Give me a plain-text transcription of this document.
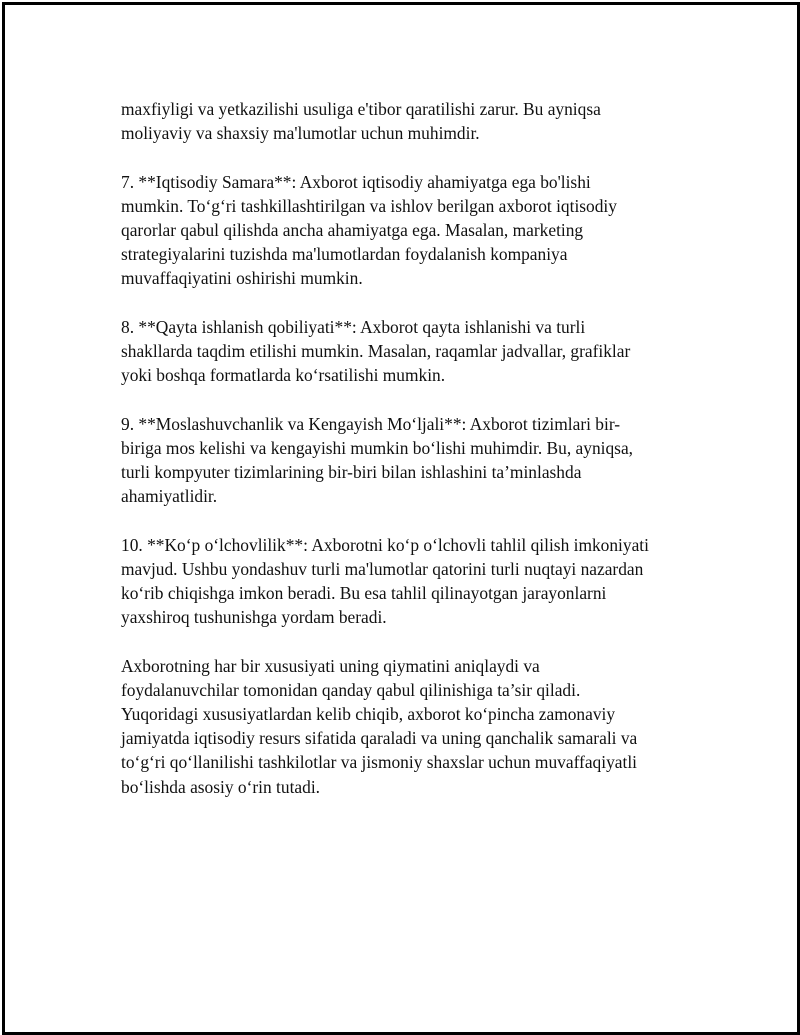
maxfiyligi va yetkazilishi usuliga e'tibor qaratilishi zarur. Bu ayniqsa
moliyaviy va shaxsiy ma'lumotlar uchun muhimdir.

7. **Iqtisodiy Samara**: Axborot iqtisodiy ahamiyatga ega bo'lishi
mumkin. To‘g‘ri tashkillashtirilgan va ishlov berilgan axborot iqtisodiy
qarorlar qabul qilishda ancha ahamiyatga ega. Masalan, marketing
strategiyalarini tuzishda ma'lumotlardan foydalanish kompaniya
muvaffaqiyatini oshirishi mumkin.

8. **Qayta ishlanish qobiliyati**: Axborot qayta ishlanishi va turli
shakllarda taqdim etilishi mumkin. Masalan, raqamlar jadvallar, grafiklar
yoki boshqa formatlarda ko‘rsatilishi mumkin.

9. **Moslashuvchanlik va Kengayish Mo‘ljali**: Axborot tizimlari bir-
biriga mos kelishi va kengayishi mumkin bo‘lishi muhimdir. Bu, ayniqsa,
turli kompyuter tizimlarining bir-biri bilan ishlashini ta’minlashda
ahamiyatlidir.

10. **Ko‘p o‘lchovlilik**: Axborotni ko‘p o‘lchovli tahlil qilish imkoniyati
mavjud. Ushbu yondashuv turli ma'lumotlar qatorini turli nuqtayi nazardan
ko‘rib chiqishga imkon beradi. Bu esa tahlil qilinayotgan jarayonlarni
yaxshiroq tushunishga yordam beradi.

Axborotning har bir xususiyati uning qiymatini aniqlaydi va
foydalanuvchilar tomonidan qanday qabul qilinishiga ta’sir qiladi.
Yuqoridagi xususiyatlardan kelib chiqib, axborot ko‘pincha zamonaviy
jamiyatda iqtisodiy resurs sifatida qaraladi va uning qanchalik samarali va
to‘g‘ri qo‘llanilishi tashkilotlar va jismoniy shaxslar uchun muvaffaqiyatli
bo‘lishda asosiy o‘rin tutadi.
